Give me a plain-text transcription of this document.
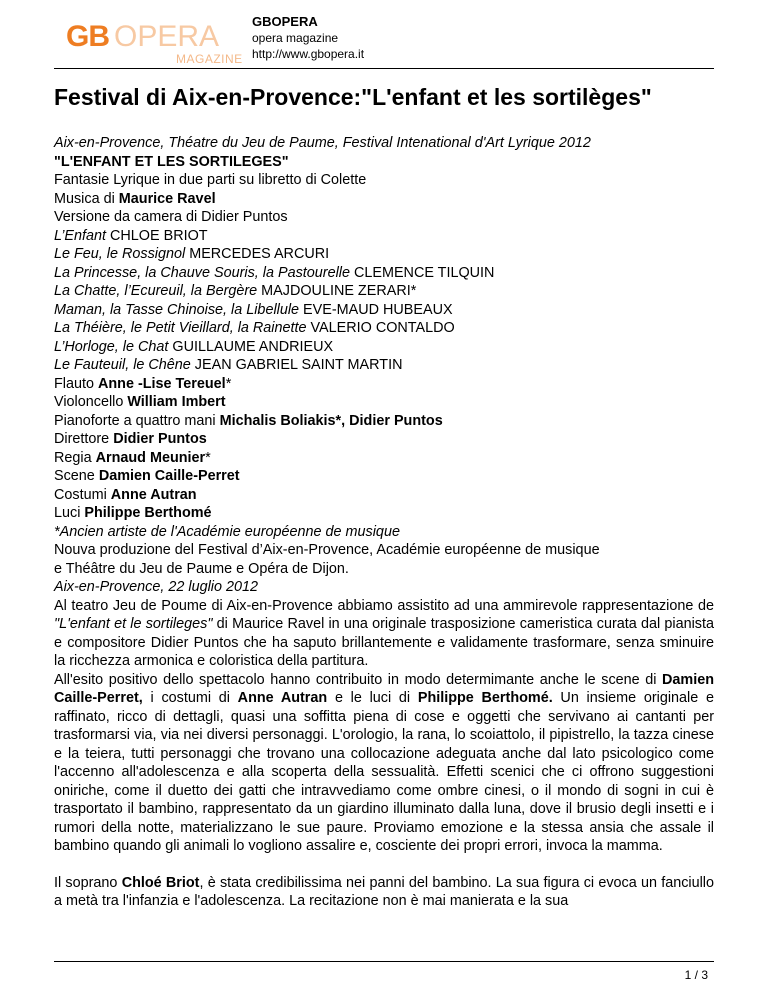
GB OPERA
MAGAZINE
GBOPERA
opera magazine
http://www.gbopera.it
Festival di Aix-en-Provence:"L'enfant et les sortilèges"
Aix-en-Provence, Théatre du Jeu de Paume, Festival Intenational d'Art Lyrique 2012
"L'ENFANT ET LES SORTILEGES"
Fantasie Lyrique in due parti su libretto di Colette
Musica di Maurice Ravel
Versione da camera di Didier Puntos
L’Enfant CHLOE BRIOT
Le Feu, le Rossignol MERCEDES ARCURI
La Princesse, la Chauve Souris, la Pastourelle CLEMENCE TILQUIN
La Chatte, l’Ecureuil, la Bergère MAJDOULINE ZERARI*
Maman, la Tasse Chinoise, la Libellule EVE-MAUD HUBEAUX
La Théière, le Petit Vieillard, la Rainette VALERIO CONTALDO
L’Horloge, le Chat GUILLAUME ANDRIEUX
Le Fauteuil, le Chêne JEAN GABRIEL SAINT MARTIN
Flauto Anne -Lise Tereuel*
Violoncello William Imbert
Pianoforte a quattro mani Michalis Boliakis*, Didier Puntos
Direttore Didier Puntos
Regia Arnaud Meunier*
Scene Damien Caille-Perret
Costumi Anne Autran
Luci Philippe Berthomé
*Ancien artiste de l'Académie européenne de musique
Nouva produzione del Festival d’Aix-en-Provence, Académie européenne de musique
e Théâtre du Jeu de Paume e Opéra de Dijon.
Aix-en-Provence, 22 luglio 2012

Al teatro Jeu de Poume di Aix-en-Provence abbiamo assistito ad una ammirevole rappresentazione de "L'enfant et le sortileges" di Maurice Ravel in una originale trasposizione cameristica curata dal pianista e compositore Didier Puntos che ha saputo brillantemente e validamente trasformare, senza sminuire la ricchezza armonica e coloristica della partitura.

All'esito positivo dello spettacolo hanno contribuito in modo determimante anche le scene di Damien Caille-Perret, i costumi di Anne Autran e le luci di Philippe Berthomé. Un insieme originale e raffinato, ricco di dettagli, quasi una soffitta piena di cose e oggetti che servivano ai cantanti per trasformarsi via, via nei diversi personaggi. L'orologio, la rana, lo scoiattolo, il pipistrello, la tazza cinese e la teiera, tutti personaggi che trovano una collocazione adeguata anche dal lato psicologico come l'accenno all'adolescenza e alla scoperta della sessualità. Effetti scenici che ci offrono suggestioni oniriche, come il duetto dei gatti che intravvediamo come ombre cinesi, o il mondo di sogni in cui è trasportato il bambino, rappresentato da un giardino illuminato dalla luna, dove il brusio degli insetti e i rumori della notte, materializzano le sue paure. Proviamo emozione e la stessa ansia che assale il bambino quando gli animali lo vogliono assalire e, cosciente dei propri errori, invoca la mamma.

Il soprano Chloé Briot, è stata credibilissima nei panni del bambino. La sua figura ci evoca un fanciullo a metà tra l'infanzia e l'adolescenza. La recitazione non è mai manierata e la sua

1 / 3
